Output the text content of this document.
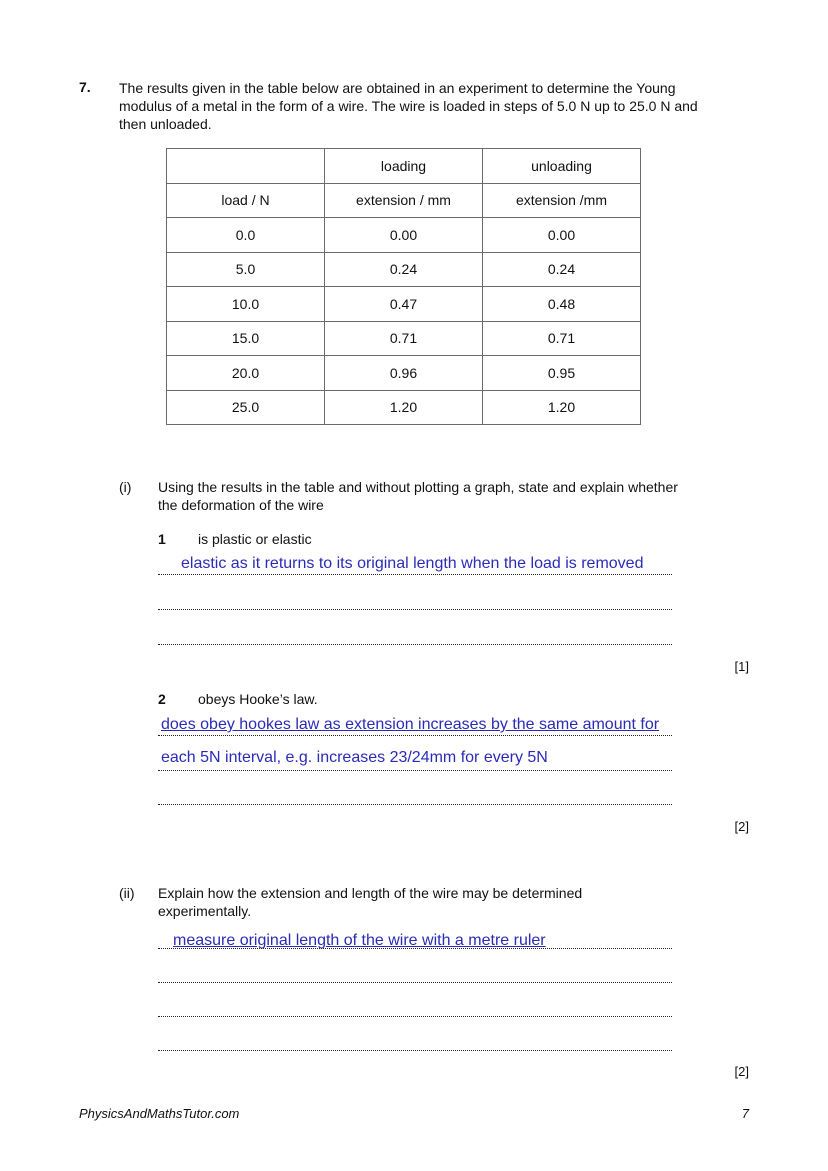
7. The results given in the table below are obtained in an experiment to determine the Young modulus of a metal in the form of a wire. The wire is loaded in steps of 5.0 N up to 25.0 N and then unloaded.
	loading	unloading
load / N	extension / mm	extension /mm
0.0	0.00	0.00
5.0	0.24	0.24
10.0	0.47	0.48
15.0	0.71	0.71
20.0	0.96	0.95
25.0	1.20	1.20
(i) Using the results in the table and without plotting a graph, state and explain whether the deformation of the wire
1 is plastic or elastic
elastic as it returns to its original length when the load is removed
[1]
2 obeys Hooke’s law.
does obey hookes law as extension increases by the same amount for
each 5N interval, e.g. increases 23/24mm for every 5N
[2]
(ii) Explain how the extension and length of the wire may be determined experimentally.
measure original length of the wire with a metre ruler
[2]
PhysicsAndMathsTutor.com	7
